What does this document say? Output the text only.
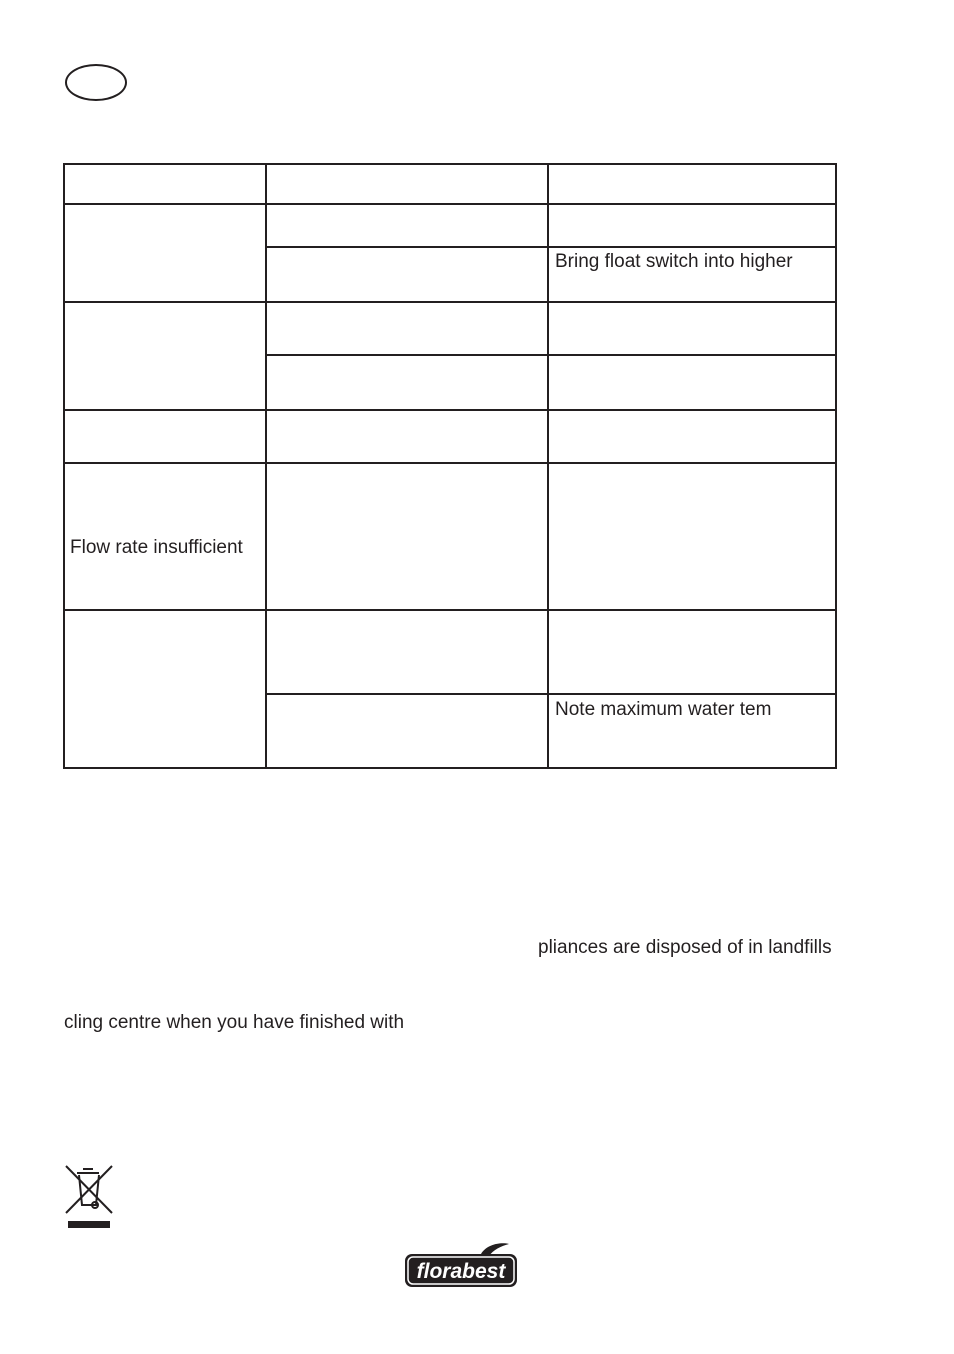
Bring float switch into higher
Flow rate insufficient
Note maximum water tem
pliances are disposed of in landfills
cling centre when you have finished with
florabest
